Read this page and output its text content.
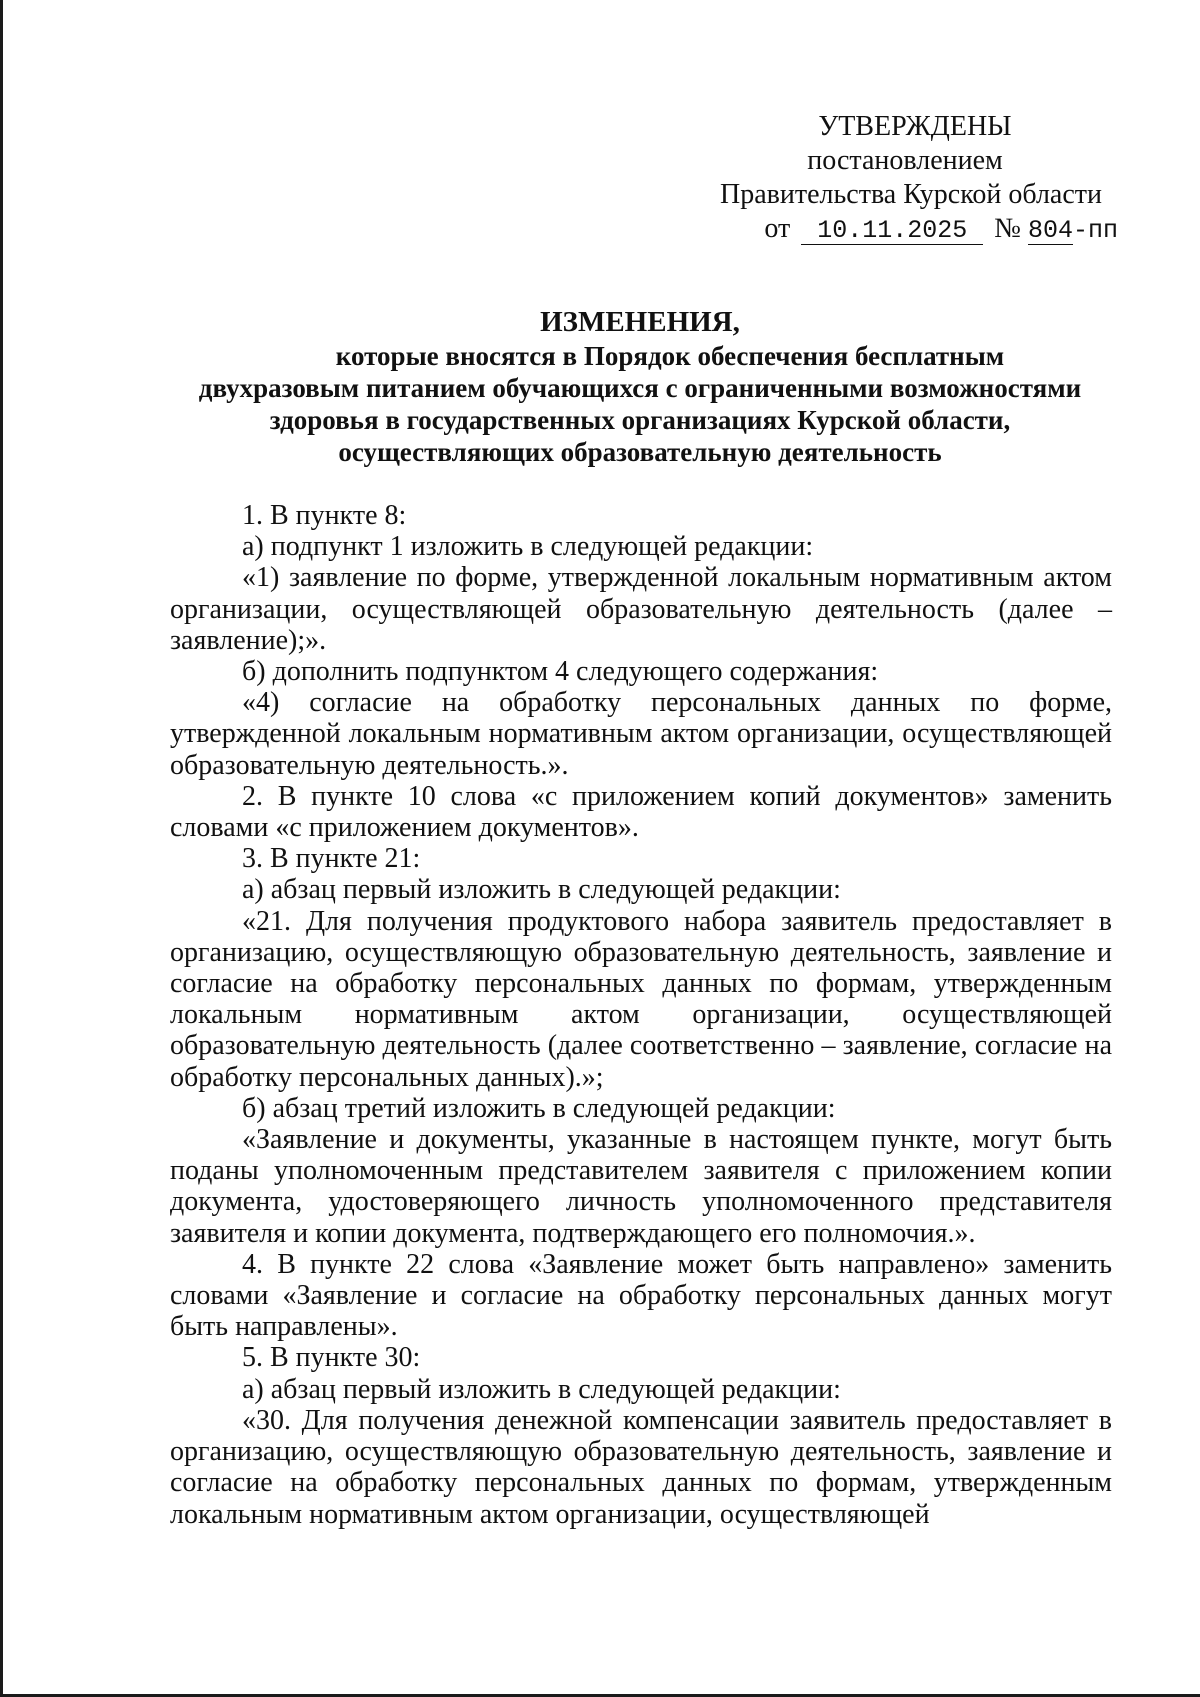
УТВЕРЖДЕНЫ
постановлением
Правительства Курской области
от 10.11.2025 № 804-пп
ИЗМЕНЕНИЯ,
которые вносятся в Порядок обеспечения бесплатным
двухразовым питанием обучающихся с ограниченными возможностями
здоровья в государственных организациях Курской области,
осуществляющих образовательную деятельность

1. В пункте 8:

а) подпункт 1 изложить в следующей редакции:

«1) заявление по форме, утвержденной локальным нормативным актом организации, осуществляющей образовательную деятельность (далее – заявление);».

б) дополнить подпунктом 4 следующего содержания:

«4) согласие на обработку персональных данных по форме, утвержденной локальным нормативным актом организации, осуществляющей образовательную деятельность.».

2. В пункте 10 слова «с приложением копий документов» заменить словами «с приложением документов».

3. В пункте 21:

а) абзац первый изложить в следующей редакции:

«21. Для получения продуктового набора заявитель предоставляет в организацию, осуществляющую образовательную деятельность, заявление и согласие на обработку персональных данных по формам, утвержденным локальным нормативным актом организации, осуществляющей образовательную деятельность (далее соответственно – заявление, согласие на обработку персональных данных).»;

б) абзац третий изложить в следующей редакции:

«Заявление и документы, указанные в настоящем пункте, могут быть поданы уполномоченным представителем заявителя с приложением копии документа, удостоверяющего личность уполномоченного представителя заявителя и копии документа, подтверждающего его полномочия.».

4. В пункте 22 слова «Заявление может быть направлено» заменить словами «Заявление и согласие на обработку персональных данных могут быть направлены».

5. В пункте 30:

а) абзац первый изложить в следующей редакции:

«30. Для получения денежной компенсации заявитель предоставляет в организацию, осуществляющую образовательную деятельность, заявление и согласие на обработку персональных данных по формам, утвержденным локальным нормативным актом организации, осуществляющей
